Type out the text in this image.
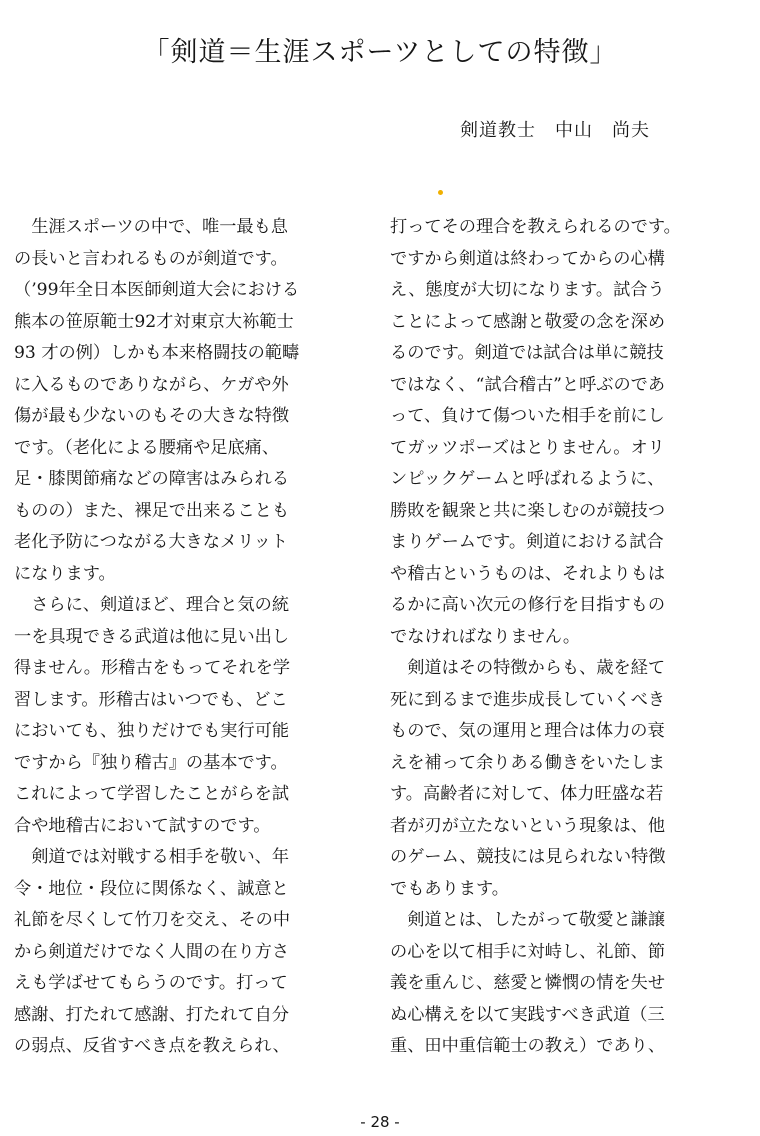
「剣道＝生涯スポーツとしての特徴」
剣道教士　中山　尚夫
　生涯スポーツの中で、唯一最も息
の長いと言われるものが剣道です。
（’99年全日本医師剣道大会における
熊本の笹原範士92才対東京大袮範士
93 才の例）しかも本来格闘技の範疇
に入るものでありながら、ケガや外
傷が最も少ないのもその大きな特徴
です。（老化による腰痛や足底痛、
足・膝関節痛などの障害はみられる
ものの）また、裸足で出来ることも
老化予防につながる大きなメリット
になります。
　さらに、剣道ほど、理合と気の統
一を具現できる武道は他に見い出し
得ません。形稽古をもってそれを学
習します。形稽古はいつでも、どこ
においても、独りだけでも実行可能
ですから『独り稽古』の基本です。
これによって学習したことがらを試
合や地稽古において試すのです。
　剣道では対戦する相手を敬い、年
令・地位・段位に関係なく、誠意と
礼節を尽くして竹刀を交え、その中
から剣道だけでなく人間の在り方さ
えも学ばせてもらうのです。打って
感謝、打たれて感謝、打たれて自分
の弱点、反省すべき点を教えられ、
打ってその理合を教えられるのです。
ですから剣道は終わってからの心構
え、態度が大切になります。試合う
ことによって感謝と敬愛の念を深め
るのです。剣道では試合は単に競技
ではなく、“試合稽古”と呼ぶのであ
って、負けて傷ついた相手を前にし
てガッツポーズはとりません。オリ
ンピックゲームと呼ばれるように、
勝敗を観衆と共に楽しむのが競技つ
まりゲームです。剣道における試合
や稽古というものは、それよりもは
るかに高い次元の修行を目指すもの
でなければなりません。
　剣道はその特徴からも、歳を経て
死に到るまで進歩成長していくべき
もので、気の運用と理合は体力の衰
えを補って余りある働きをいたしま
す。高齢者に対して、体力旺盛な若
者が刃が立たないという現象は、他
のゲーム、競技には見られない特徴
でもあります。
　剣道とは、したがって敬愛と謙譲
の心を以て相手に対峙し、礼節、節
義を重んじ、慈愛と憐憫の情を失せ
ぬ心構えを以て実践すべき武道（三
重、田中重信範士の教え）であり、
- 28 -
